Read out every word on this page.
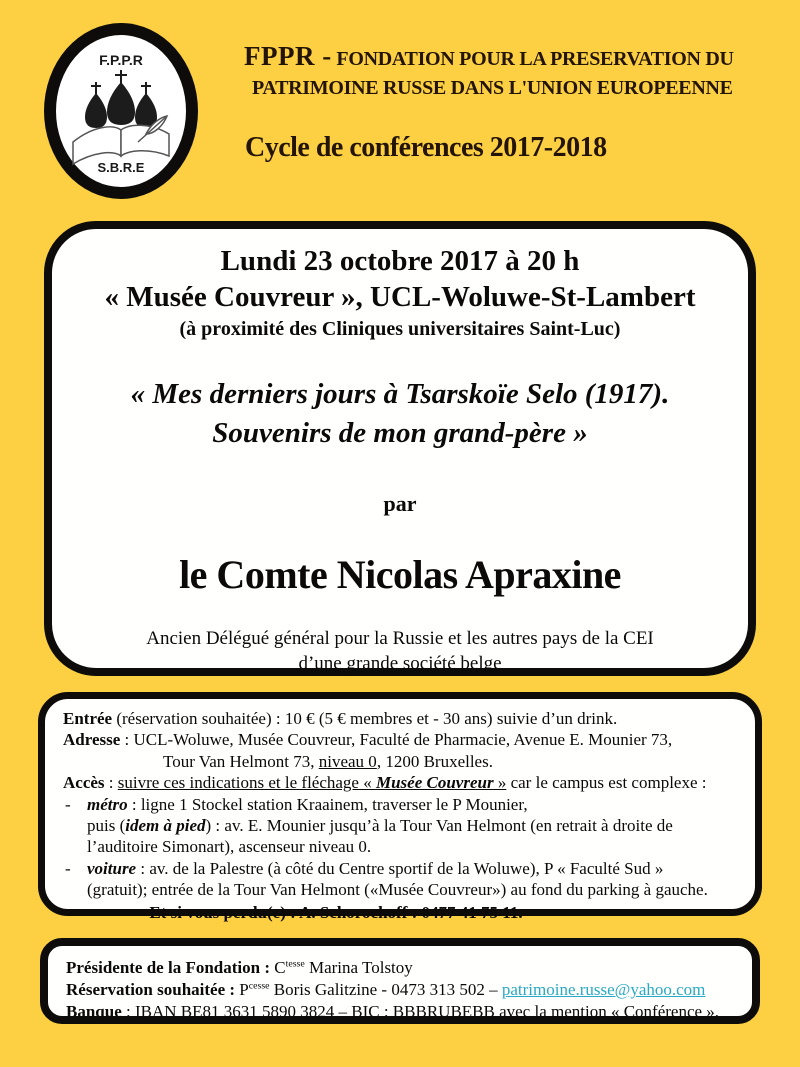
F.P.P.R
S.B.R.E
FPPR - FONDATION POUR LA PRESERVATION DU
PATRIMOINE RUSSE DANS L'UNION EUROPEENNE
Cycle de conférences 2017-2018
Lundi 23 octobre 2017 à 20 h
« Musée Couvreur », UCL-Woluwe-St-Lambert
(à proximité des Cliniques universitaires Saint-Luc)
« Mes derniers jours à Tsarskoïe Selo (1917).
Souvenirs de mon grand-père »
par
le Comte Nicolas Apraxine
Ancien Délégué général pour la Russie et les autres pays de la CEI
d’une grande société belge
Entrée (réservation souhaitée) : 10 € (5 € membres et - 30 ans) suivie d’un drink.
Adresse : UCL-Woluwe, Musée Couvreur, Faculté de Pharmacie, Avenue E. Mounier 73,
Tour Van Helmont 73, niveau 0, 1200 Bruxelles.
Accès : suivre ces indications et le fléchage « Musée Couvreur » car le campus est complexe :
- métro : ligne 1 Stockel station Kraainem, traverser le P Mounier,
puis (idem à pied) : av. E. Mounier jusqu’à la Tour Van Helmont (en retrait à droite de
l’auditoire Simonart), ascenseur niveau 0.
- voiture : av. de la Palestre (à côté du Centre sportif de la Woluwe), P « Faculté Sud »
(gratuit); entrée de la Tour Van Helmont («Musée Couvreur») au fond du parking à gauche.
Et si vous perdu(e) : A. Schorochoff : 0477 41 75 11.
Présidente de la Fondation : $C^{tesse}$ Marina Tolstoy
Réservation souhaitée : $P^{cesse}$ Boris Galitzine - 0473 313 502 – patrimoine.russe@yahoo.com
Banque : IBAN BE81 3631 5890 3824 – BIC : BBBRUBEBB avec la mention « Conférence ».
